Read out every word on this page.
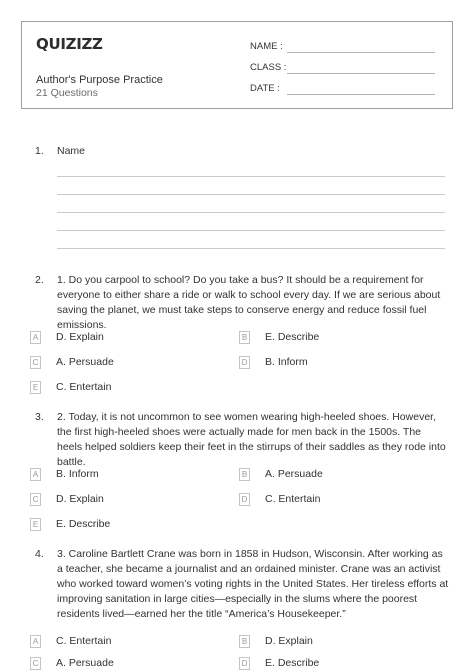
QUIZIZZ
Author's Purpose Practice
21 Questions
NAME :
CLASS :
DATE :
1. Name
2. 1. Do you carpool to school? Do you take a bus? It should be a requirement for everyone to either share a ride or walk to school every day. If we are serious about saving the planet, we must take steps to conserve energy and reduce fossil fuel emissions.
A D. Explain	B E. Describe
C A. Persuade	D B. Inform
E C. Entertain
3. 2. Today, it is not uncommon to see women wearing high-heeled shoes. However, the first high-heeled shoes were actually made for men back in the 1500s. The heels helped soldiers keep their feet in the stirrups of their saddles as they rode into battle.
A B. Inform	B A. Persuade
C D. Explain	D C. Entertain
E E. Describe
4. 3. Caroline Bartlett Crane was born in 1858 in Hudson, Wisconsin. After working as a teacher, she became a journalist and an ordained minister. Crane was an activist who worked toward women’s voting rights in the United States. Her tireless efforts at improving sanitation in large cities—especially in the slums where the poorest residents lived—earned her the title “America’s Housekeeper.”
A C. Entertain	B D. Explain
C A. Persuade	D E. Describe
